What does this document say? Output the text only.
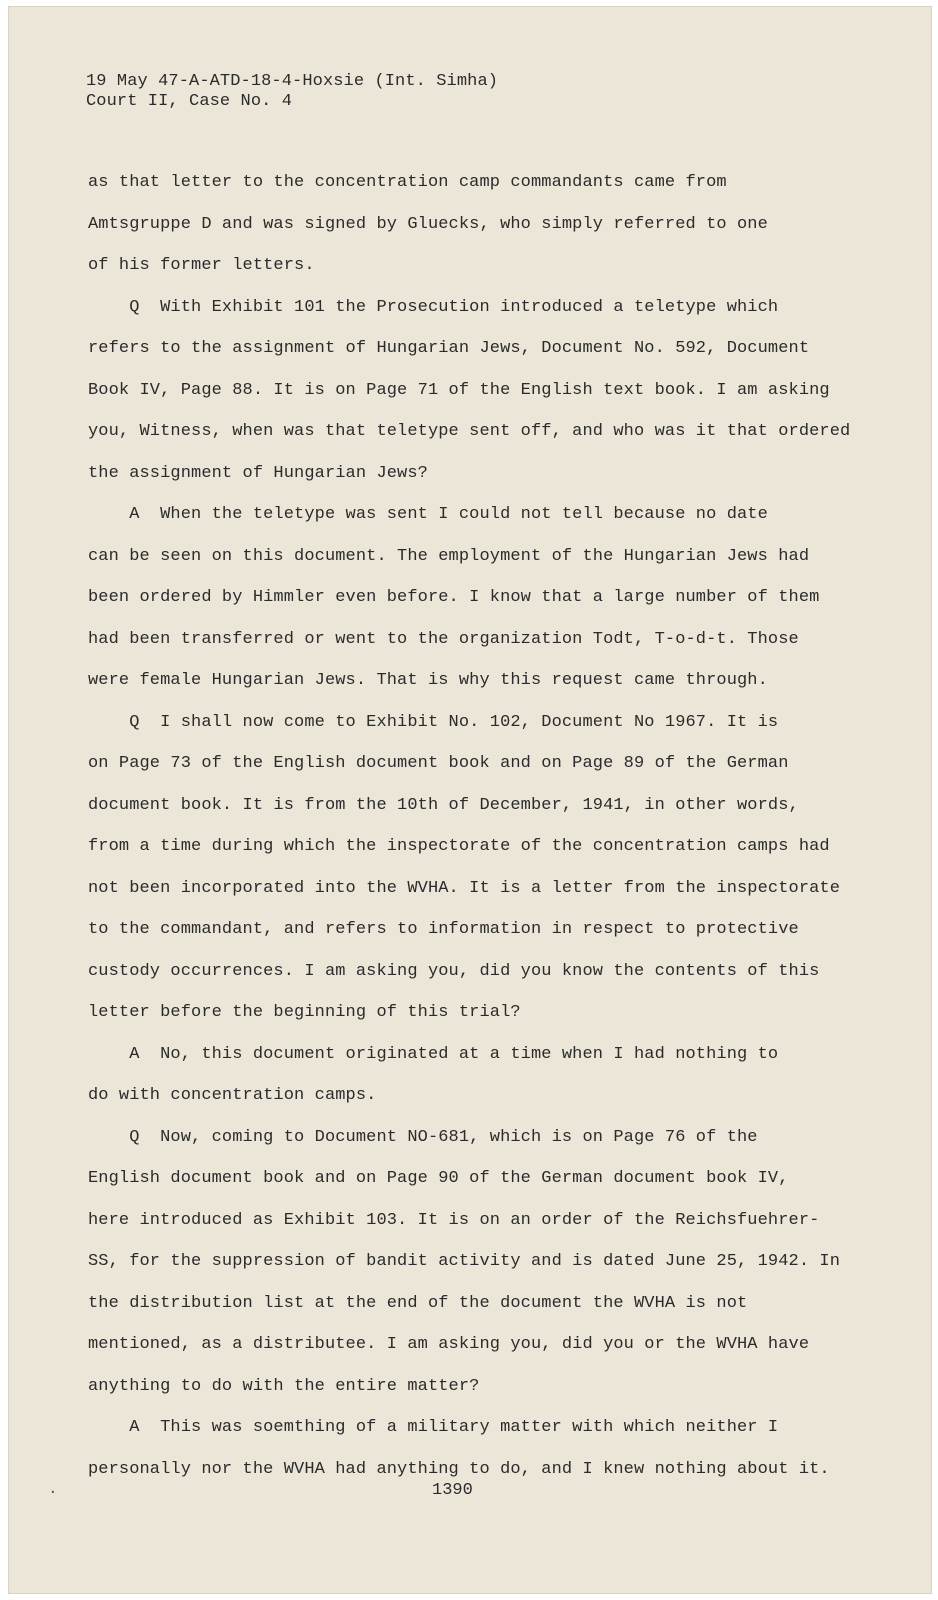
19 May 47-A-ATD-18-4-Hoxsie (Int. Simha)

Court II, Case No. 4

as that letter to the concentration camp commandants came from

Amtsgruppe D and was signed by Gluecks, who simply referred to one

of his former letters.

Q  With Exhibit 101 the Prosecution introduced a teletype which

refers to the assignment of Hungarian Jews, Document No. 592, Document

Book IV, Page 88. It is on Page 71 of the English text book. I am asking

you, Witness, when was that teletype sent off, and who was it that ordered

the assignment of Hungarian Jews?

A  When the teletype was sent I could not tell because no date

can be seen on this document. The employment of the Hungarian Jews had

been ordered by Himmler even before. I know that a large number of them

had been transferred or went to the organization Todt, T-o-d-t. Those

were female Hungarian Jews. That is why this request came through.

Q  I shall now come to Exhibit No. 102, Document No 1967. It is

on Page 73 of the English document book and on Page 89 of the German

document book. It is from the 10th of December, 1941, in other words,

from a time during which the inspectorate of the concentration camps had

not been incorporated into the WVHA. It is a letter from the inspectorate

to the commandant, and refers to information in respect to protective

custody occurrences. I am asking you, did you know the contents of this

letter before the beginning of this trial?

A  No, this document originated at a time when I had nothing to

do with concentration camps.

Q  Now, coming to Document NO-681, which is on Page 76 of the

English document book and on Page 90 of the German document book IV,

here introduced as Exhibit 103. It is on an order of the Reichsfuehrer-

SS, for the suppression of bandit activity and is dated June 25, 1942. In

the distribution list at the end of the document the WVHA is not

mentioned, as a distributee. I am asking you, did you or the WVHA have

anything to do with the entire matter?

A  This was soemthing of a military matter with which neither I

personally nor the WVHA had anything to do, and I knew nothing about it.

1390

·
